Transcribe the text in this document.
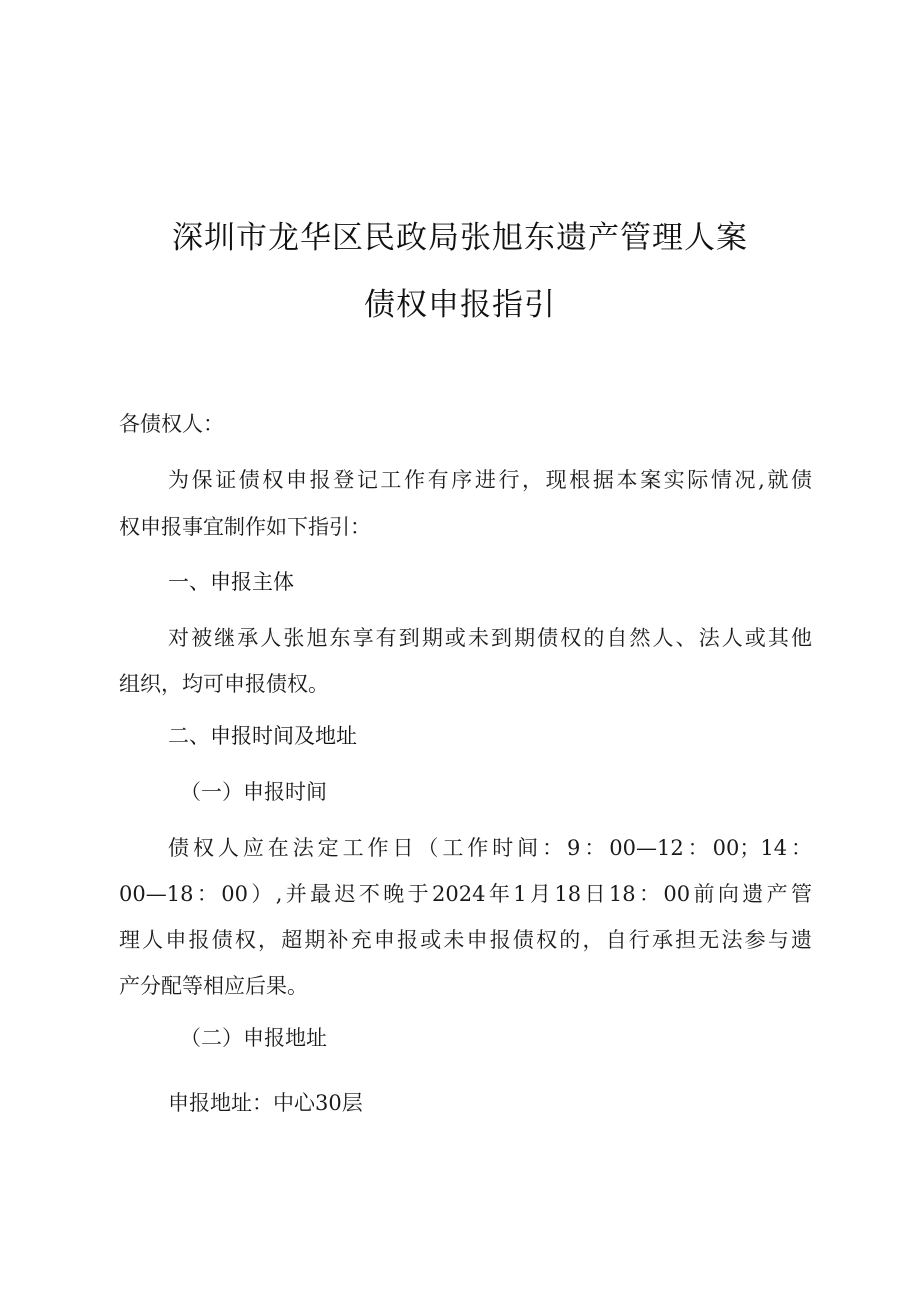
深圳市龙华区民政局张旭东遗产管理人案
债权申报指引

各债权人：

为保证债权申报登记工作有序进行，现根据本案实际情况,就债

权申报事宜制作如下指引：

一、申报主体

对被继承人张旭东享有到期或未到期债权的自然人、法人或其他

组织，均可申报债权。

二、申报时间及地址

（一）申报时间

债权人应在法定工作日（工作时间：9：00—12：00；14：

00—18：00）,并最迟不晚于2024年1月18日18：00前向遗产管

理人申报债权，超期补充申报或未申报债权的，自行承担无法参与遗

产分配等相应后果。

（二）申报地址

申报地址：中心30层
